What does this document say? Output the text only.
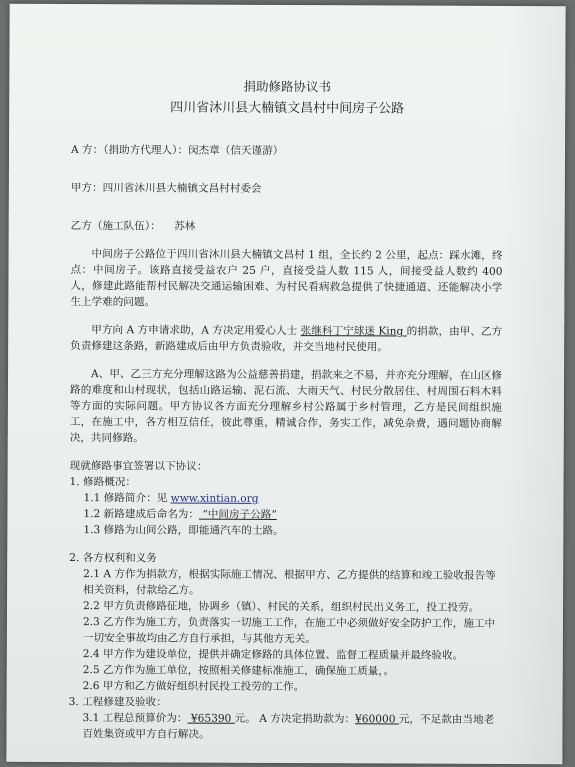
捐助修路协议书
四川省沐川县大楠镇文昌村中间房子公路
A 方：（捐助方代理人）：闵杰章（信天谨游）
甲方：四川省沐川县大楠镇文昌村村委会
乙方（施工队伍）： 苏林
中间房子公路位于四川省沐川县大楠镇文昌村 1 组，全长约 2 公里，起点：踩水滩，终点：中间房子。该路直接受益农户 25 户，直接受益人数 115 人，间接受益人数约 400 人，修建此路能帮村民解决交通运输困难、为村民看病救急提供了快捷通道、还能解决小学生上学难的问题。
甲方向 A 方申请求助，A 方决定用爱心人士 张继科丁宁球迷 King 的捐款，由甲、乙方负责修建这条路，新路建成后由甲方负责验收，并交当地村民使用。
A、甲、乙三方充分理解这路为公益慈善捐建，捐款来之不易，并亦充分理解，在山区修路的难度和山村现状，包括山路运输、泥石流、大雨天气、村民分散居住、村周围石料木料等方面的实际问题。甲方协议各方面充分理解乡村公路属于乡村管理，乙方是民间组织施工，在施工中，各方相互信任，彼此尊重，精诚合作，务实工作，减免杂费，遇问题协商解决，共同修路。
现就修路事宜签署以下协议：
1. 修路概况：
1.1 修路简介：见 www.xintian.org
1.2 新路建成后命名为： “中间房子公路”
1.3 修路为山间公路，即能通汽车的土路。
2. 各方权利和义务
2.1 A 方作为捐款方，根据实际施工情况、根据甲方、乙方提供的结算和竣工验收报告等相关资料，付款给乙方。
2.2 甲方负责修路征地，协调乡（镇）、村民的关系，组织村民出义务工，投工投劳。
2.3 乙方作为施工方，负责落实一切施工工作，在施工中必须做好安全防护工作，施工中一切安全事故均由乙方自行承担，与其他方无关。
2.4 甲方作为建设单位，提供并确定修路的具体位置、监督工程质量并最终验收。
2.5 乙方作为施工单位，按照相关修建标准施工，确保施工质量，。
2.6 甲方和乙方做好组织村民投工投劳的工作。
3. 工程修建及验收：
3.1 工程总预算价为： ¥65390 元。 A 方决定捐助款为：¥60000 元，不足款由当地老百姓集资或甲方自行解决。
